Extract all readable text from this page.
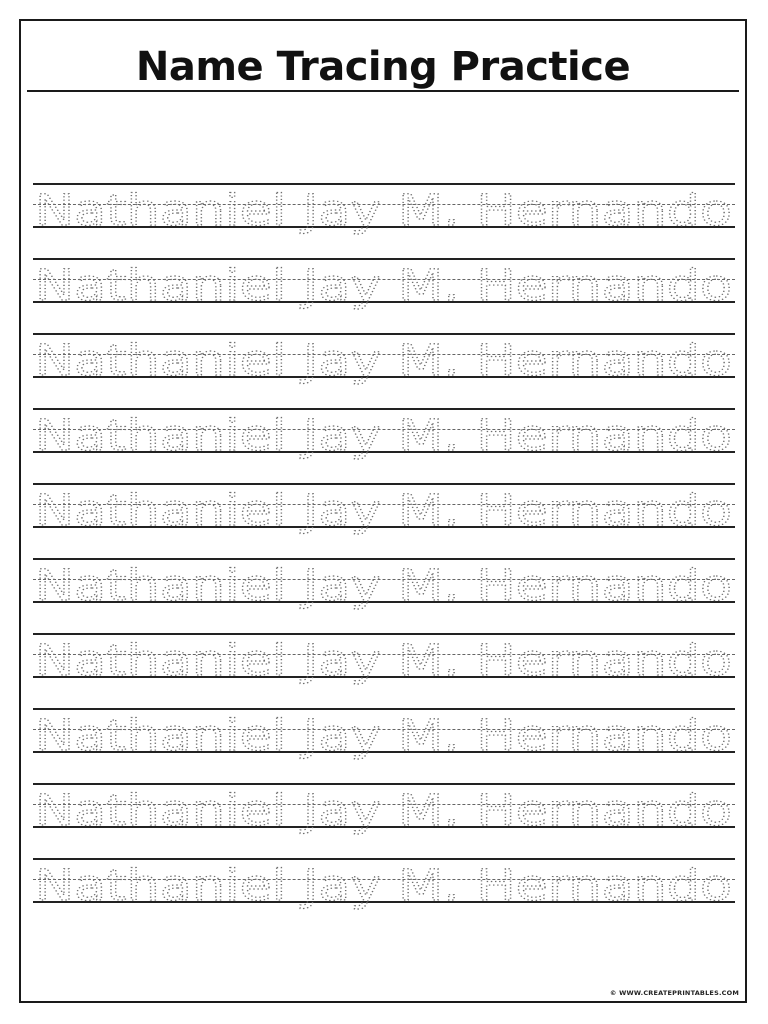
Name Tracing Practice
Nathaniel Jay M. Hernando
Nathaniel Jay M. Hernando
Nathaniel Jay M. Hernando
Nathaniel Jay M. Hernando
Nathaniel Jay M. Hernando
Nathaniel Jay M. Hernando
Nathaniel Jay M. Hernando
Nathaniel Jay M. Hernando
Nathaniel Jay M. Hernando
Nathaniel Jay M. Hernando
© WWW.CREATEPRINTABLES.COM
